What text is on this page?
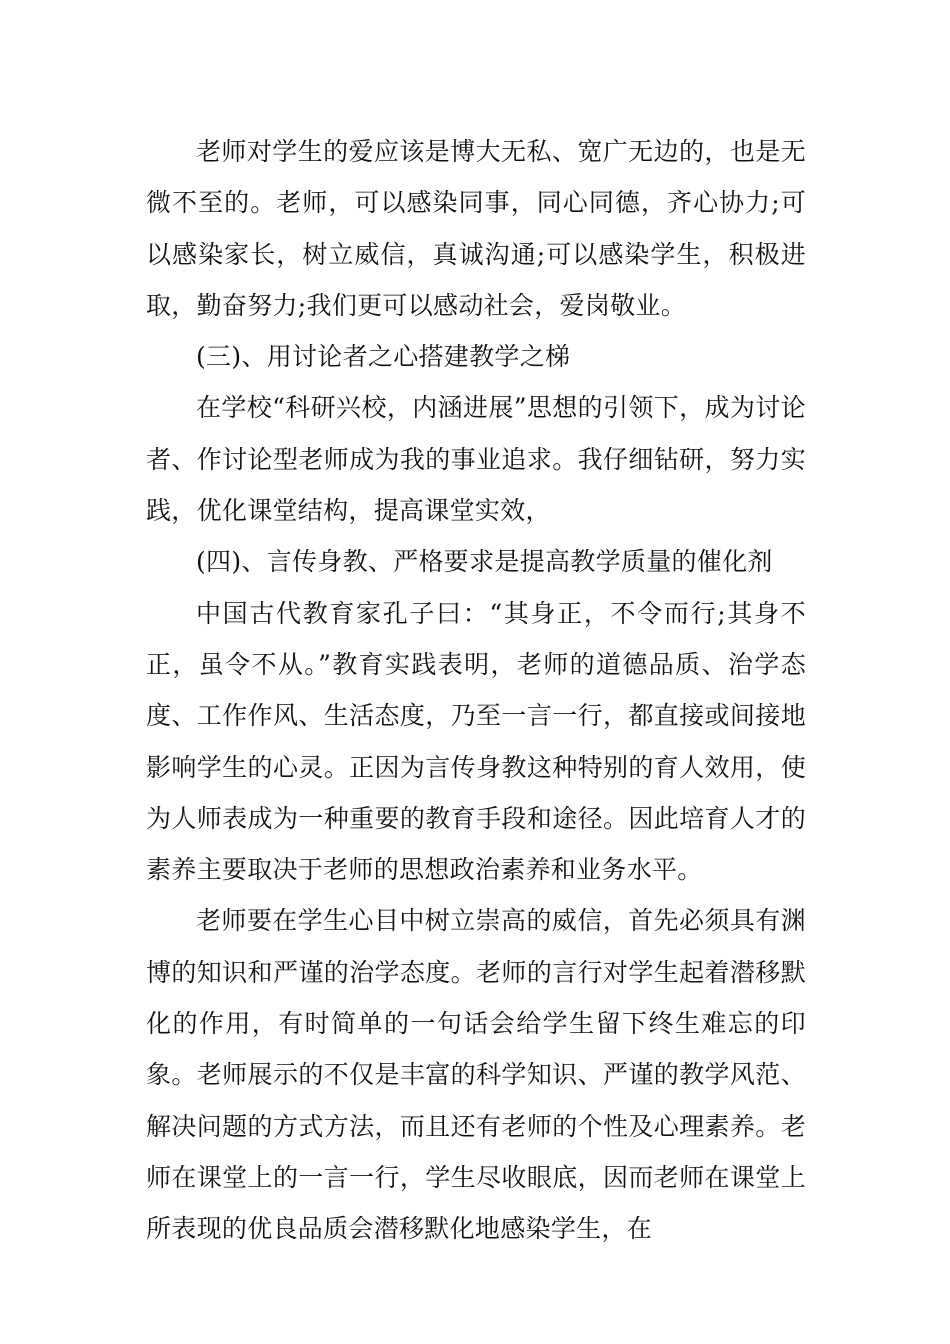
老师对学生的爱应该是博大无私、宽广无边的，也是无微不至的。老师，可以感染同事，同心同德，齐心协力;可以感染家长，树立威信，真诚沟通;可以感染学生，积极进取，勤奋努力;我们更可以感动社会，爱岗敬业。

(三)、用讨论者之心搭建教学之梯

在学校“科研兴校，内涵进展”思想的引领下，成为讨论者、作讨论型老师成为我的事业追求。我仔细钻研，努力实践，优化课堂结构，提高课堂实效，

(四)、言传身教、严格要求是提高教学质量的催化剂

中国古代教育家孔子曰：“其身正，不令而行;其身不正，虽令不从。”教育实践表明，老师的道德品质、治学态度、工作作风、生活态度，乃至一言一行，都直接或间接地影响学生的心灵。正因为言传身教这种特别的育人效用，使为人师表成为一种重要的教育手段和途径。因此培育人才的素养主要取决于老师的思想政治素养和业务水平。

老师要在学生心目中树立崇高的威信，首先必须具有渊博的知识和严谨的治学态度。老师的言行对学生起着潜移默化的作用，有时简单的一句话会给学生留下终生难忘的印象。老师展示的不仅是丰富的科学知识、严谨的教学风范、解决问题的方式方法，而且还有老师的个性及心理素养。老师在课堂上的一言一行，学生尽收眼底，因而老师在课堂上所表现的优良品质会潜移默化地感染学生，在
